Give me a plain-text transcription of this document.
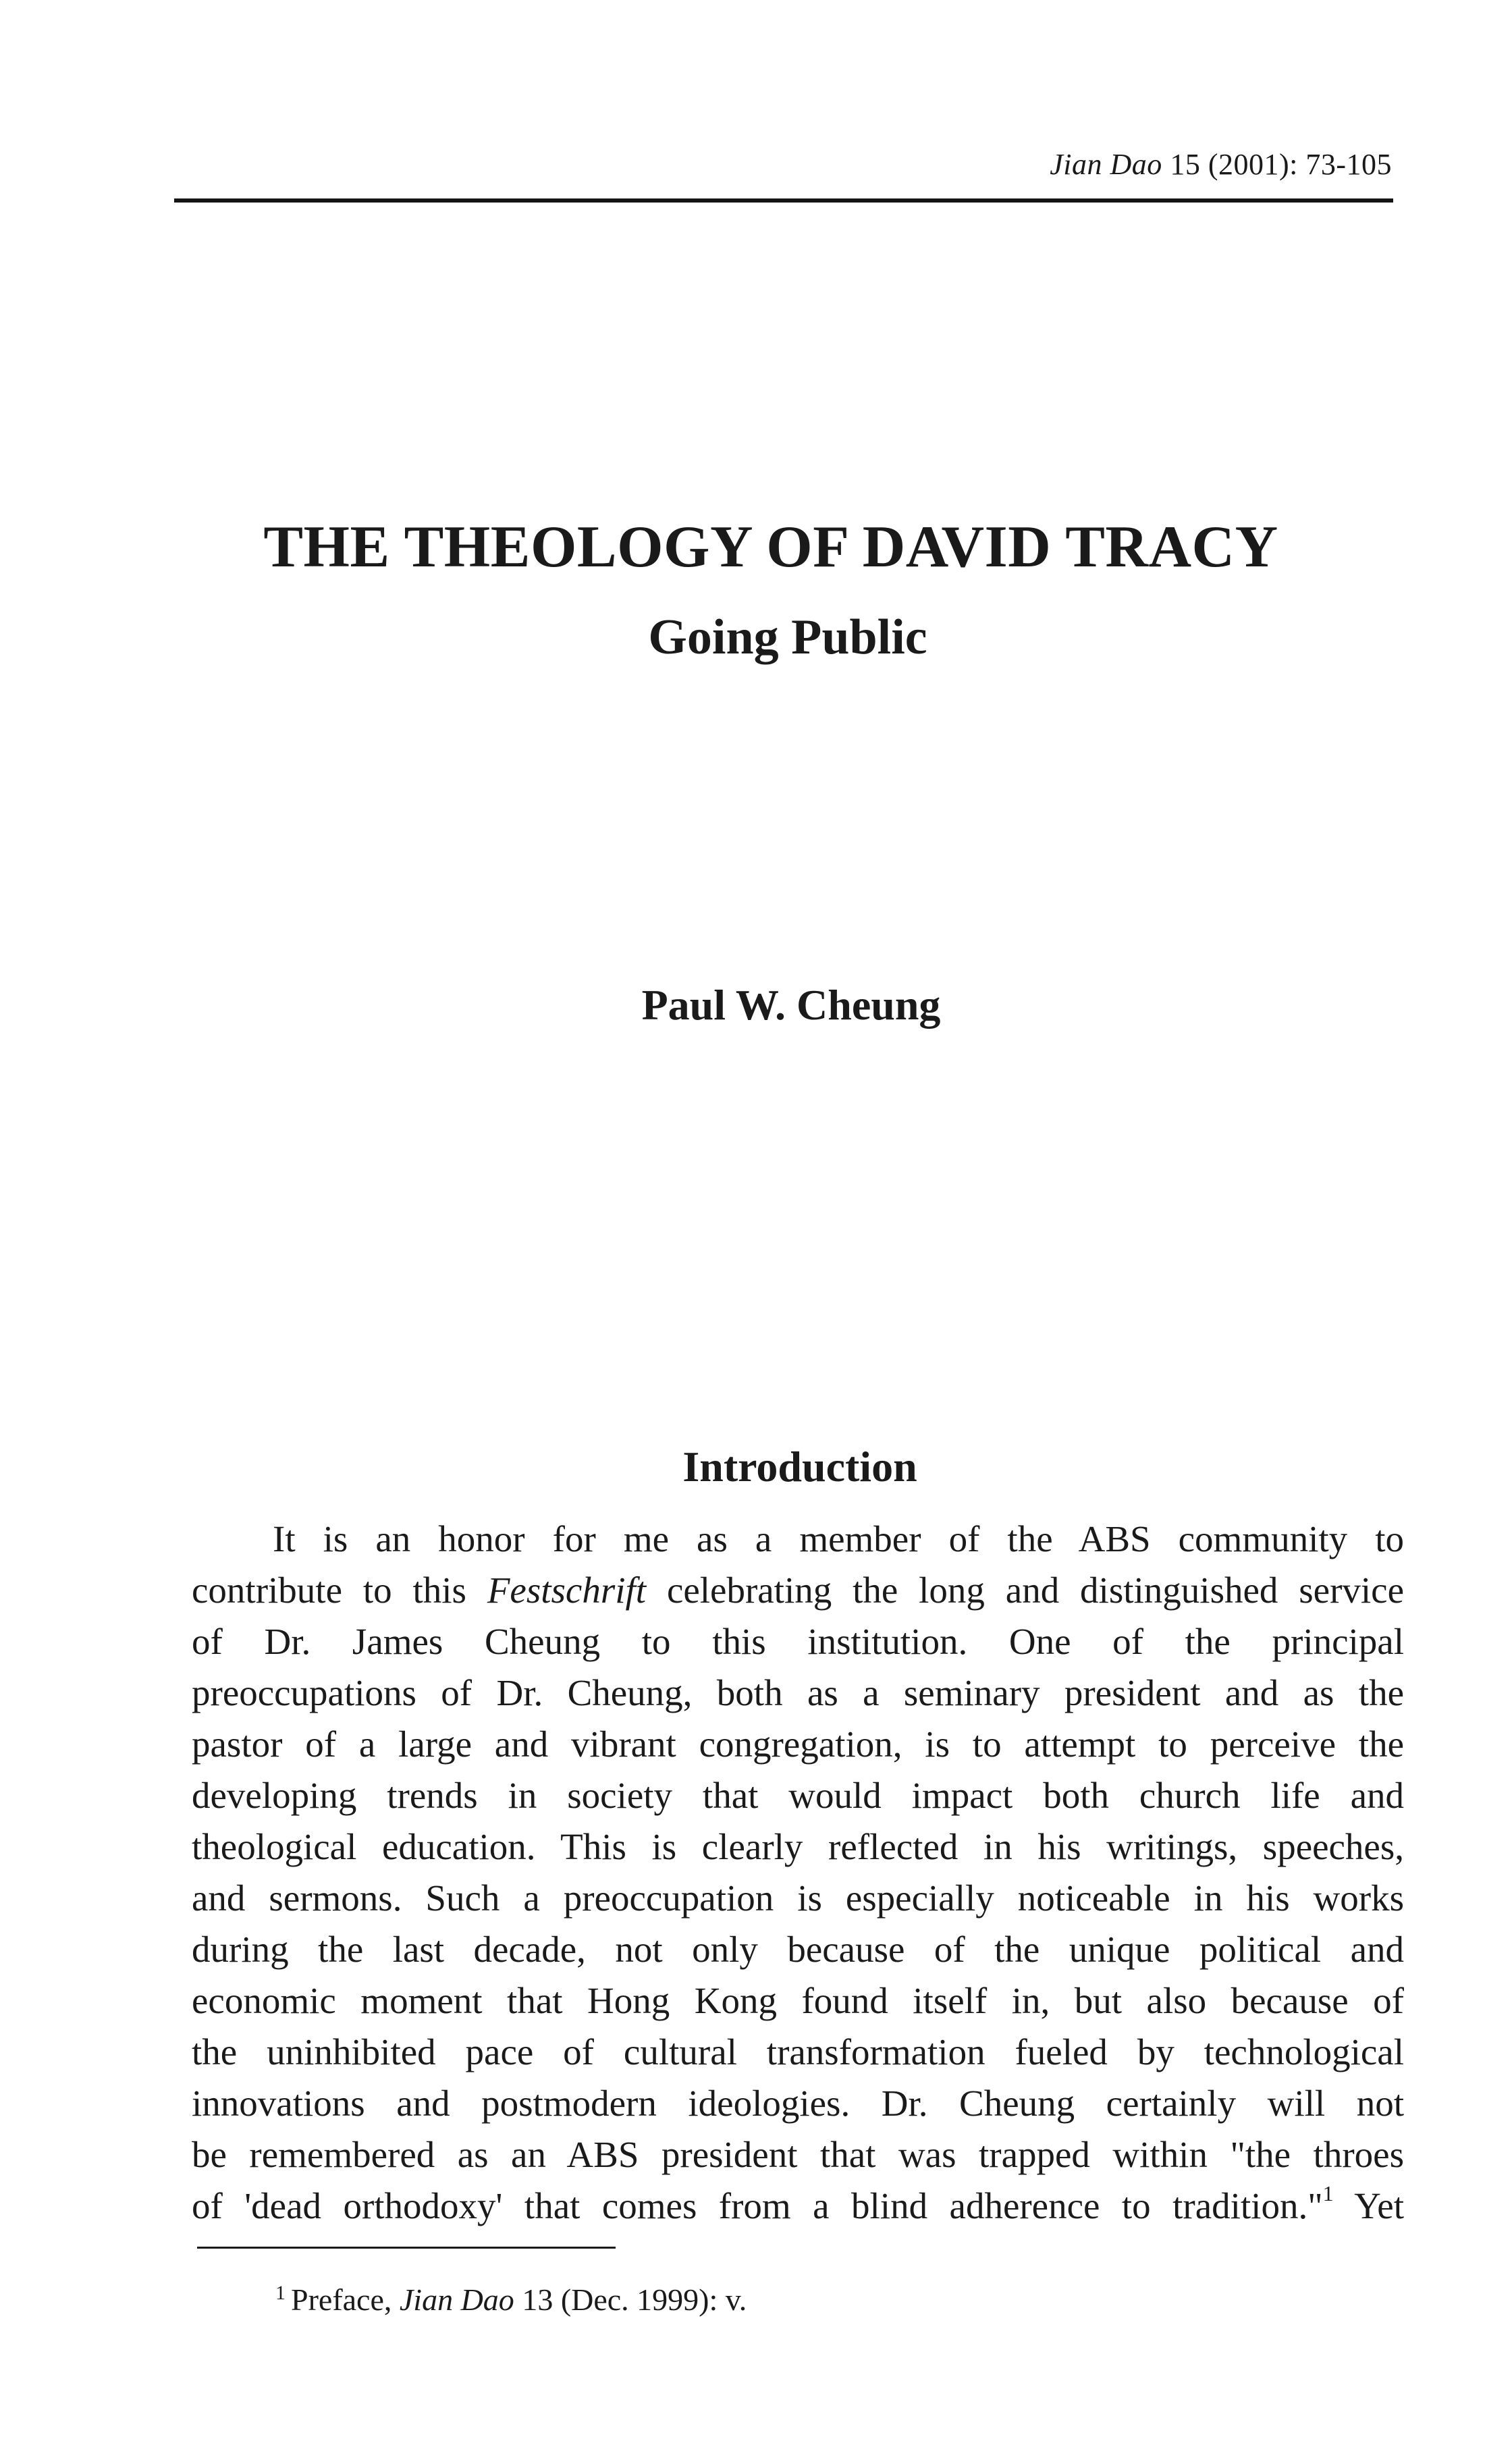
Jian Dao 15 (2001): 73-105
THE THEOLOGY OF DAVID TRACY
Going Public
Paul W. Cheung
Introduction
It is an honor for me as a member of the ABS community to
contribute to this Festschrift celebrating the long and distinguished service
of Dr. James Cheung to this institution. One of the principal
preoccupations of Dr. Cheung, both as a seminary president and as the
pastor of a large and vibrant congregation, is to attempt to perceive the
developing trends in society that would impact both church life and
theological education. This is clearly reflected in his writings, speeches,
and sermons. Such a preoccupation is especially noticeable in his works
during the last decade, not only because of the unique political and
economic moment that Hong Kong found itself in, but also because of
the uninhibited pace of cultural transformation fueled by technological
innovations and postmodern ideologies. Dr. Cheung certainly will not
be remembered as an ABS president that was trapped within "the throes
of 'dead orthodoxy' that comes from a blind adherence to tradition."$^1$ Yet
$^1$ Preface, Jian Dao 13 (Dec. 1999): v.
